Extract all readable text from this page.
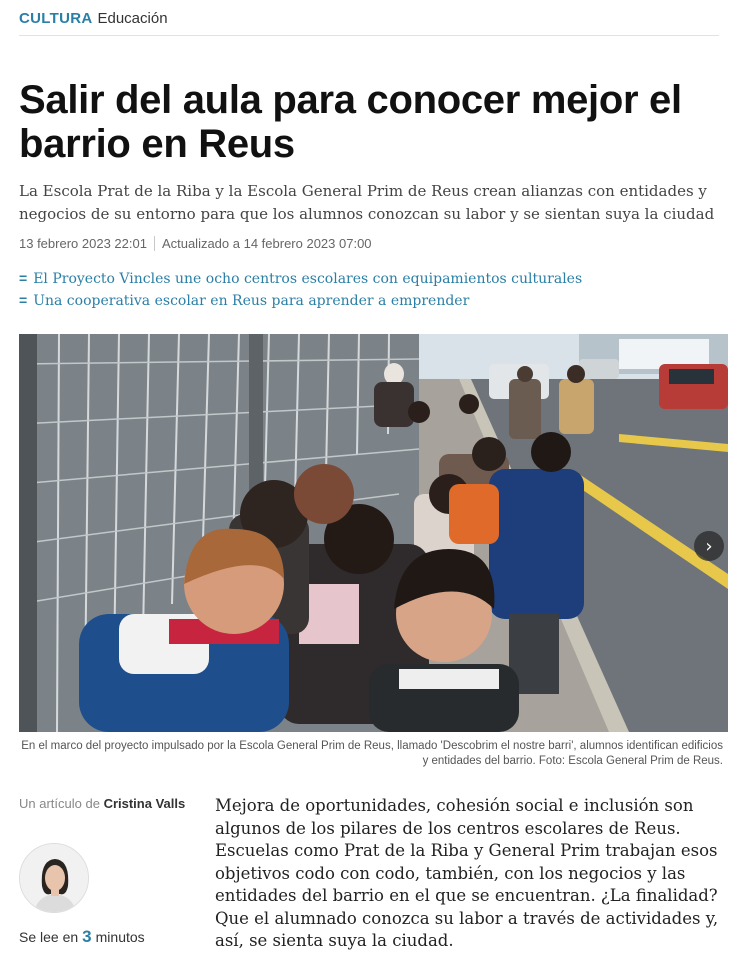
CULTURA Educación
Salir del aula para conocer mejor el barrio en Reus

La Escola Prat de la Riba y la Escola General Prim de Reus crean alianzas con entidades y negocios de su entorno para que los alumnos conozcan su labor y se sientan suya la ciudad

13 febrero 2023 22:01 Actualizado a 14 febrero 2023 07:00
= El Proyecto Vincles une ocho centros escolares con equipamientos culturales
= Una cooperativa escolar en Reus para aprender a emprender
›

En el marco del proyecto impulsado por la Escola General Prim de Reus, llamado 'Descobrim el nostre barri', alumnos identifican edificios y entidades del barrio. Foto: Escola General Prim de Reus.

Un artículo de Cristina Valls
Se lee en 3 minutos

Mejora de oportunidades, cohesión social e inclusión son algunos de los pilares de los centros escolares de Reus. Escuelas como Prat de la Riba y General Prim trabajan esos objetivos codo con codo, también, con los negocios y las entidades del barrio en el que se encuentran. ¿La finalidad? Que el alumnado conozca su labor a través de actividades y, así, se sienta suya la ciudad.
